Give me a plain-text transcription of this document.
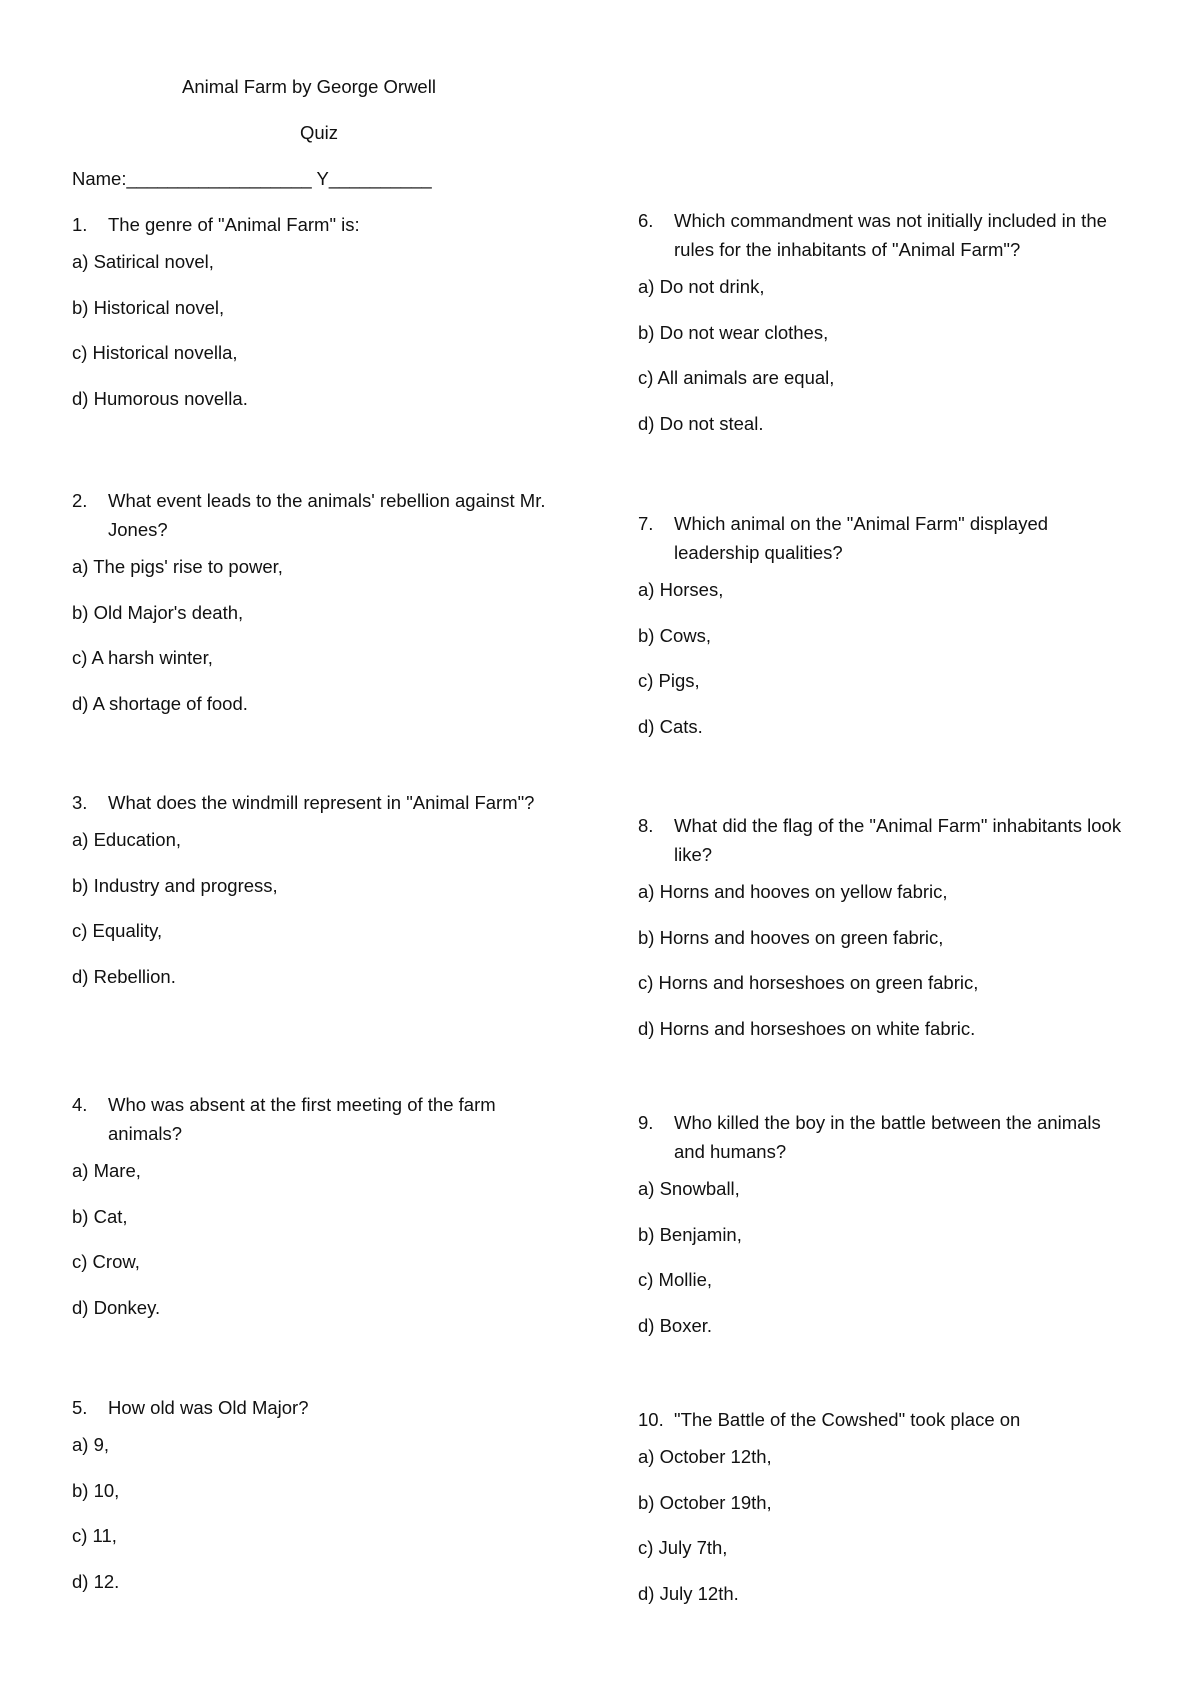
Animal Farm by George Orwell
Quiz
Name:__________________ Y__________
1.	The genre of "Animal Farm" is:
a) Satirical novel,
b) Historical novel,
c) Historical novella,
d) Humorous novella.
2.	What event leads to the animals' rebellion against Mr. Jones?
a) The pigs' rise to power,
b) Old Major's death,
c) A harsh winter,
d) A shortage of food.
3.	What does the windmill represent in "Animal Farm"?
a) Education,
b) Industry and progress,
c) Equality,
d) Rebellion.
4.	Who was absent at the first meeting of the farm animals?
a) Mare,
b) Cat,
c) Crow,
d) Donkey.
5.	How old was Old Major?
a) 9,
b) 10,
c) 11,
d) 12.
6.	Which commandment was not initially included in the rules for the inhabitants of "Animal Farm"?
a) Do not drink,
b) Do not wear clothes,
c) All animals are equal,
d) Do not steal.
7.	Which animal on the "Animal Farm" displayed leadership qualities?
a) Horses,
b) Cows,
c) Pigs,
d) Cats.
8.	What did the flag of the "Animal Farm" inhabitants look like?
a) Horns and hooves on yellow fabric,
b) Horns and hooves on green fabric,
c) Horns and horseshoes on green fabric,
d) Horns and horseshoes on white fabric.
9.	Who killed the boy in the battle between the animals and humans?
a) Snowball,
b) Benjamin,
c) Mollie,
d) Boxer.
10. "The Battle of the Cowshed" took place on
a) October 12th,
b) October 19th,
c) July 7th,
d) July 12th.
